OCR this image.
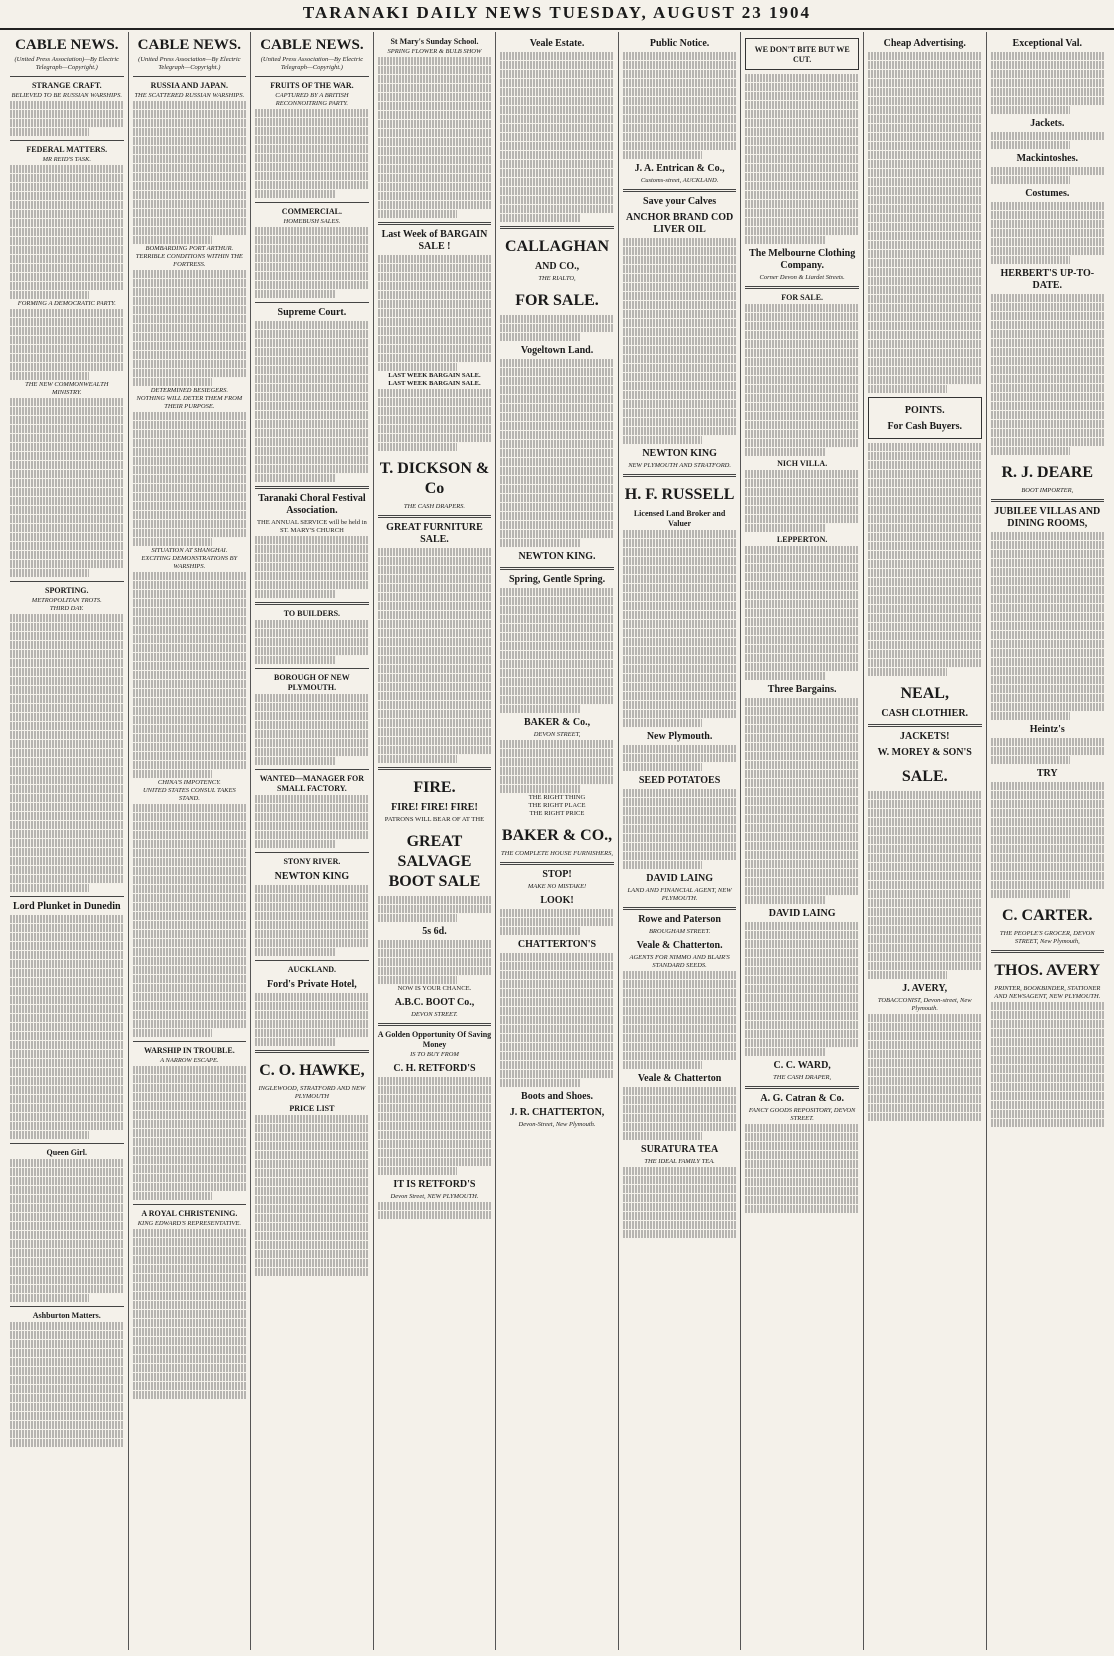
TARANAKI DAILY NEWS TUESDAY, AUGUST 23 1904
CABLE NEWS.
(United Press Association)—By Electric Telegraph—Copyright.)
STRANGE CRAFT.
BELIEVED TO BE RUSSIAN WARSHIPS.
FEDERAL MATTERS.
MR REID'S TASK.
FORMING A DEMOCRATIC PARTY.
THE NEW COMMONWEALTH MINISTRY.
SPORTING.
METROPOLITAN TROTS.
THIRD DAY.
Lord Plunket in Dunedin
Queen Girl.
Ashburton Matters.
CABLE NEWS.
(United Press Association—By Electric Telegraph—Copyright.)
RUSSIA AND JAPAN.
THE SCATTERED RUSSIAN WARSHIPS.
BOMBARDING PORT ARTHUR.
TERRIBLE CONDITIONS WITHIN THE FORTRESS.
DETERMINED BESIEGERS.
NOTHING WILL DETER THEM FROM THEIR PURPOSE.
SITUATION AT SHANGHAI.
EXCITING DEMONSTRATIONS BY WARSHIPS.
CHINA'S IMPOTENCY.
UNITED STATES CONSUL TAKES STAND.
WARSHIP IN TROUBLE.
A NARROW ESCAPE.
A ROYAL CHRISTENING.
KING EDWARD'S REPRESENTATIVE.
CABLE NEWS.
(United Press Association—By Electric Telegraph—Copyright.)
FRUITS OF THE WAR.
CAPTURED BY A BRITISH RECONNOITRING PARTY.
COMMERCIAL.
HOMEBUSH SALES.
Supreme Court.
Taranaki Choral Festival Association.
THE ANNUAL SERVICE will be held in ST. MARY'S CHURCH
TO BUILDERS.
BOROUGH OF NEW PLYMOUTH.
WANTED—MANAGER FOR SMALL FACTORY.
STONY RIVER.
NEWTON KING
AUCKLAND.
Ford's Private Hotel,
C. O. HAWKE,
INGLEWOOD, STRATFORD AND NEW PLYMOUTH
PRICE LIST
St Mary's Sunday School.
SPRING FLOWER & BULB SHOW
Last Week of BARGAIN SALE !
LAST WEEK BARGAIN SALE.
LAST WEEK BARGAIN SALE.
T. DICKSON & Co
THE CASH DRAPERS.
GREAT FURNITURE SALE.
FIRE.
FIRE! FIRE! FIRE!
PATRONS WILL BEAR OF AT THE
GREAT SALVAGE BOOT SALE
5s 6d.
NOW IS YOUR CHANCE.
A.B.C. BOOT Co.,
DEVON STREET.
A Golden Opportunity Of Saving Money
IS TO BUY FROM
C. H. RETFORD'S
IT IS RETFORD'S
Devon Street, NEW PLYMOUTH.
Veale Estate.
CALLAGHAN
AND CO.,
THE RIALTO,
FOR SALE.
Vogeltown Land.
NEWTON KING.
Spring, Gentle Spring.
BAKER & Co.,
DEVON STREET,
THE RIGHT THING
THE RIGHT PLACE
THE RIGHT PRICE
BAKER & CO.,
THE COMPLETE HOUSE FURNISHERS,
STOP!
MAKE NO MISTAKE!
LOOK!
CHATTERTON'S
Boots and Shoes.
J. R. CHATTERTON,
Devon-Street, New Plymouth.
Public Notice.
J. A. Entrican & Co.,
Customs-street, AUCKLAND.
Save your Calves
ANCHOR BRAND COD LIVER OIL
NEWTON KING
NEW PLYMOUTH AND STRATFORD.
H. F. RUSSELL
Licensed Land Broker and Valuer
New Plymouth.
SEED POTATOES
DAVID LAING
LAND AND FINANCIAL AGENT, NEW PLYMOUTH.
Rowe and Paterson
BROUGHAM STREET.
Veale & Chatterton.
AGENTS FOR NIMMO AND BLAIR'S STANDARD SEEDS.
Veale & Chatterton
SURATURA TEA
THE IDEAL FAMILY TEA.
WE DON'T BITE BUT WE CUT.
The Melbourne Clothing Company.
Corner Devon & Liardet Streets.
FOR SALE.
NICH VILLA.
LEPPERTON.
Three Bargains.
DAVID LAING
C. C. WARD,
THE CASH DRAPER,
A. G. Catran & Co.
FANCY GOODS REPOSITORY, DEVON STREET.
Cheap Advertising.
POINTS.
For Cash Buyers.
NEAL,
CASH CLOTHIER.
JACKETS!
W. MOREY & SON'S
SALE.
J. AVERY,
TOBACCONIST, Devon-street, New Plymouth.
Exceptional Val.
Jackets.
Mackintoshes.
Costumes.
HERBERT'S UP-TO-DATE.
R. J. DEARE
BOOT IMPORTER,
JUBILEE VILLAS AND DINING ROOMS,
Heintz's
TRY
C. CARTER.
THE PEOPLE'S GROCER, DEVON STREET, New Plymouth,
THOS. AVERY
PRINTER, BOOKBINDER, STATIONER AND NEWSAGENT, NEW PLYMOUTH.
